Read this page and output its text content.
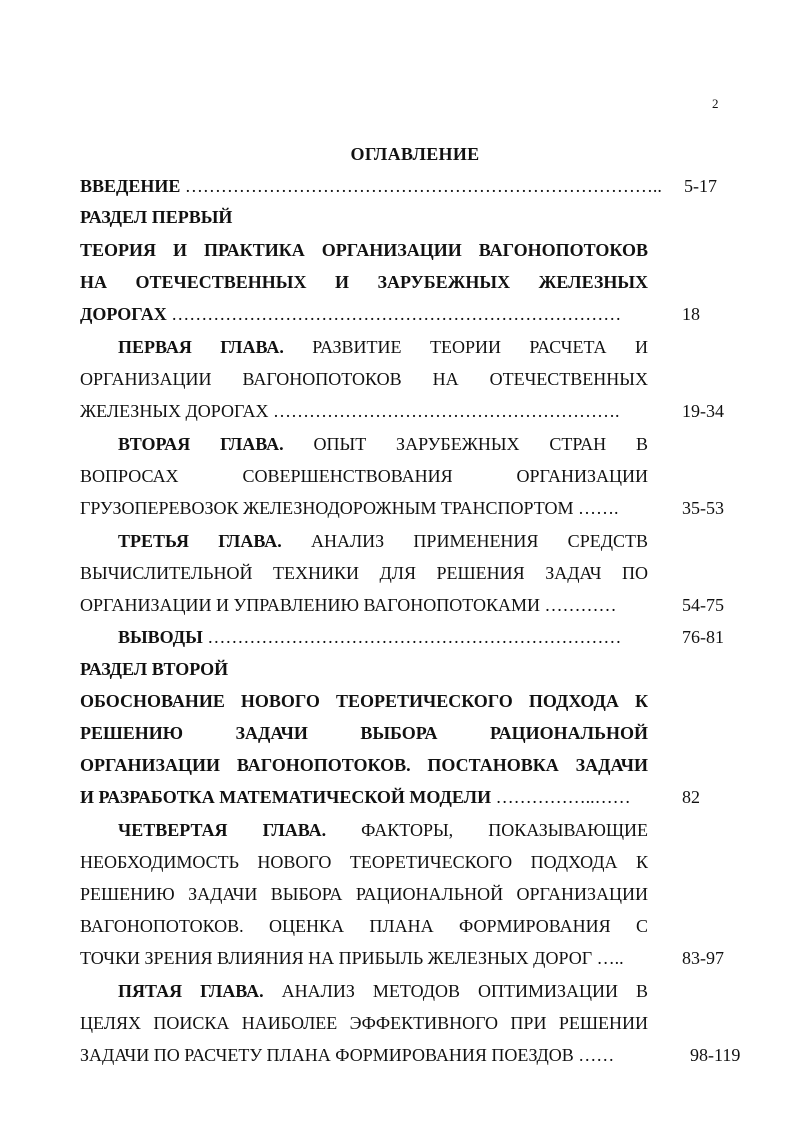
2
ОГЛАВЛЕНИЕ
ВВЕДЕНИЕ …………………………………………………………………….. 5-17
РАЗДЕЛ ПЕРВЫЙ
ТЕОРИЯ И ПРАКТИКА ОРГАНИЗАЦИИ ВАГОНОПОТОКОВ
НА ОТЕЧЕСТВЕННЫХ И ЗАРУБЕЖНЫХ ЖЕЛЕЗНЫХ
ДОРОГАХ …………………………………………………………………	18
ПЕРВАЯ ГЛАВА. РАЗВИТИЕ ТЕОРИИ РАСЧЕТА И
ОРГАНИЗАЦИИ ВАГОНОПОТОКОВ НА ОТЕЧЕСТВЕННЫХ
ЖЕЛЕЗНЫХ ДОРОГАХ ………………………………………………….	19-34
ВТОРАЯ ГЛАВА. ОПЫТ ЗАРУБЕЖНЫХ СТРАН В
ВОПРОСАХ СОВЕРШЕНСТВОВАНИЯ ОРГАНИЗАЦИИ
ГРУЗОПЕРЕВОЗОК ЖЕЛЕЗНОДОРОЖНЫМ ТРАНСПОРТОМ …….	35-53
ТРЕТЬЯ ГЛАВА. АНАЛИЗ ПРИМЕНЕНИЯ СРЕДСТВ
ВЫЧИСЛИТЕЛЬНОЙ ТЕХНИКИ ДЛЯ РЕШЕНИЯ ЗАДАЧ ПО
ОРГАНИЗАЦИИ И УПРАВЛЕНИЮ ВАГОНОПОТОКАМИ …………	54-75
ВЫВОДЫ ……………………………………………………………	76-81
РАЗДЕЛ ВТОРОЙ
ОБОСНОВАНИЕ НОВОГО ТЕОРЕТИЧЕСКОГО ПОДХОДА К
РЕШЕНИЮ ЗАДАЧИ ВЫБОРА РАЦИОНАЛЬНОЙ
ОРГАНИЗАЦИИ ВАГОНОПОТОКОВ. ПОСТАНОВКА ЗАДАЧИ
И РАЗРАБОТКА МАТЕМАТИЧЕСКОЙ МОДЕЛИ ……………..……	82
ЧЕТВЕРТАЯ ГЛАВА. ФАКТОРЫ, ПОКАЗЫВАЮЩИЕ
НЕОБХОДИМОСТЬ НОВОГО ТЕОРЕТИЧЕСКОГО ПОДХОДА К
РЕШЕНИЮ ЗАДАЧИ ВЫБОРА РАЦИОНАЛЬНОЙ ОРГАНИЗАЦИИ
ВАГОНОПОТОКОВ. ОЦЕНКА ПЛАНА ФОРМИРОВАНИЯ С
ТОЧКИ ЗРЕНИЯ ВЛИЯНИЯ НА ПРИБЫЛЬ ЖЕЛЕЗНЫХ ДОРОГ …..	83-97
ПЯТАЯ ГЛАВА. АНАЛИЗ МЕТОДОВ ОПТИМИЗАЦИИ В
ЦЕЛЯХ ПОИСКА НАИБОЛЕЕ ЭФФЕКТИВНОГО ПРИ РЕШЕНИИ
ЗАДАЧИ ПО РАСЧЕТУ ПЛАНА ФОРМИРОВАНИЯ ПОЕЗДОВ ……	98-119
